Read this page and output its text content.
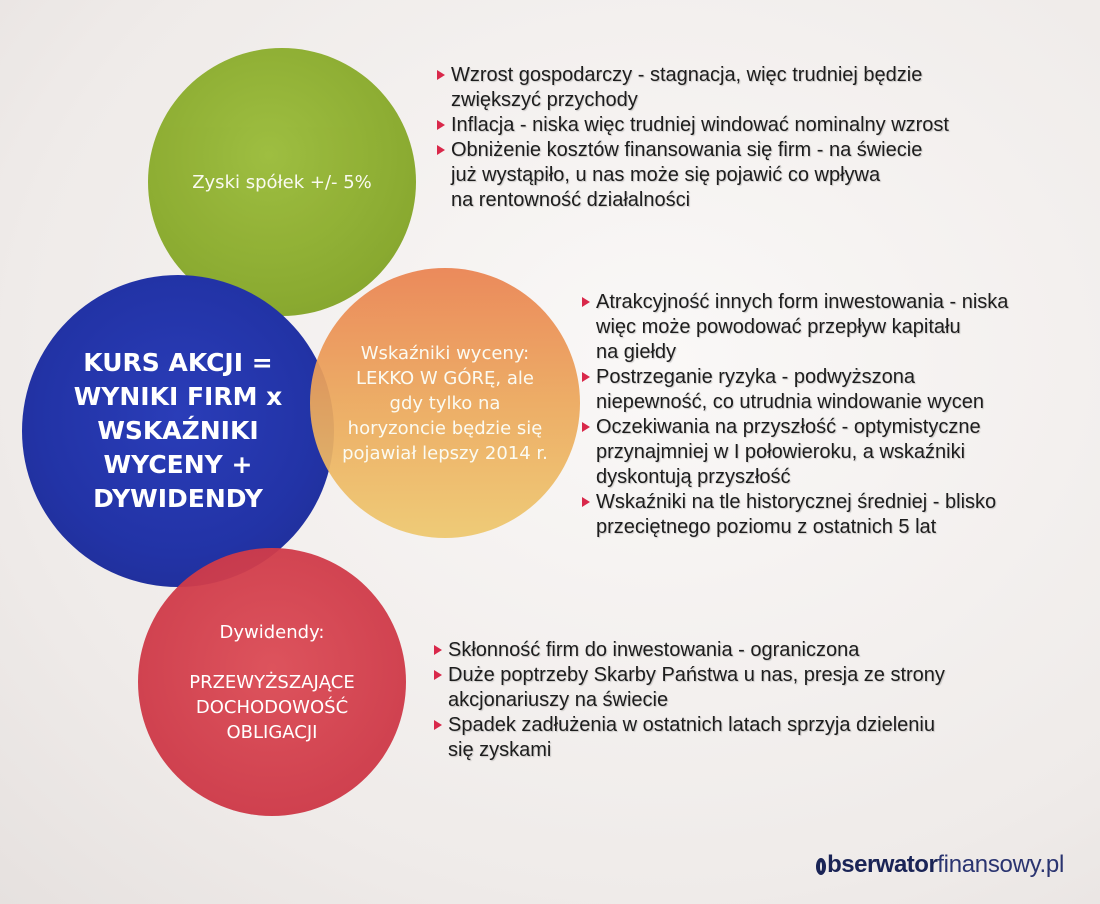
Zyski spółek +/- 5%
KURS AKCJI = WYNIKI FIRM x WSKAŹNIKI WYCENY + DYWIDENDY
Wskaźniki wyceny: LEKKO W GÓRĘ, ale gdy tylko na horyzoncie będzie się pojawiał lepszy 2014 r.
Dywidendy:
PRZEWYŻSZAJĄCE DOCHODOWOŚĆ OBLIGACJI
Wzrost gospodarczy - stagnacja, więc trudniej będzie
zwiększyć przychody
Inflacja - niska więc trudniej windować nominalny wzrost
Obniżenie kosztów finansowania się firm - na świecie
już wystąpiło, u nas może się pojawić co wpływa
na rentowność działalności
Atrakcyjność innych form inwestowania - niska
więc może powodować przepływ kapitału
na giełdy
Postrzeganie ryzyka - podwyższona
niepewność, co utrudnia windowanie wycen
Oczekiwania na przyszłość - optymistyczne
przynajmniej w I połowieroku, a wskaźniki
dyskontują przyszłość
Wskaźniki na tle historycznej średniej - blisko
przeciętnego poziomu z ostatnich 5 lat
Skłonność firm do inwestowania - ograniczona
Duże poptrzeby Skarby Państwa u nas, presja ze strony
akcjonariuszy na świecie
Spadek zadłużenia w ostatnich latach sprzyja dzieleniu
się zyskami
bserwator finansowy.pl
